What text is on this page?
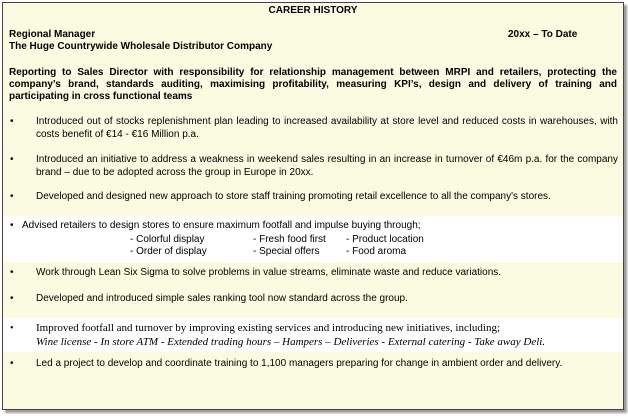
CAREER HISTORY
Regional Manager	20xx – To Date
The Huge Countrywide Wholesale Distributor Company
Reporting to Sales Director with responsibility for relationship management between MRPI and retailers, protecting the company’s brand, standards auditing, maximising profitability, measuring KPI’s, design and delivery of training and participating in cross functional teams
• Introduced out of stocks replenishment plan leading to increased availability at store level and reduced costs in warehouses, with costs benefit of €14 - €16 Million p.a.
• Introduced an initiative to address a weakness in weekend sales resulting in an increase in turnover of €46m p.a. for the company brand – due to be adopted across the group in Europe in 20xx.
• Developed and designed new approach to store staff training promoting retail excellence to all the company's stores.
• Advised retailers to design stores to ensure maximum footfall and impulse buying through;
- Colorful display	- Fresh food first - Product location
- Order of display	- Special offers	- Food aroma
• Work through Lean Six Sigma to solve problems in value streams, eliminate waste and reduce variations.
• Developed and introduced simple sales ranking tool now standard across the group.
• Improved footfall and turnover by improving existing services and introducing new initiatives, including;
Wine license - In store ATM - Extended trading hours – Hampers – Deliveries - External catering - Take away Deli.
• Led a project to develop and coordinate training to 1,100 managers preparing for change in ambient order and delivery.
